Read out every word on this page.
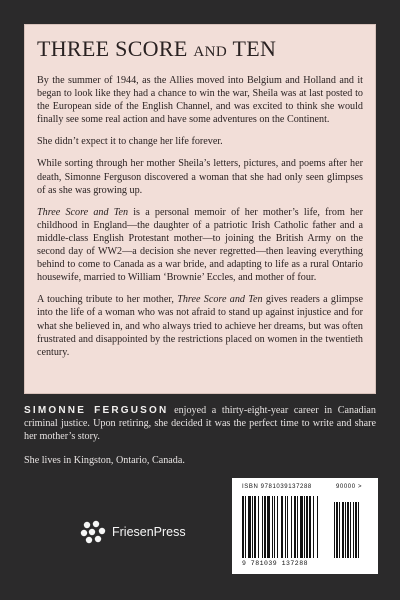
THREE SCORE AND TEN

By the summer of 1944, as the Allies moved into Belgium and Holland and it began to look like they had a chance to win the war, Sheila was at last posted to the European side of the English Channel, and was excited to think she would finally see some real action and have some adventures on the Continent.

She didn’t expect it to change her life forever.

While sorting through her mother Sheila’s letters, pictures, and poems after her death, Simonne Ferguson discovered a woman that she had only seen glimpses of as she was growing up.

Three Score and Ten is a personal memoir of her mother’s life, from her childhood in England—the daughter of a patriotic Irish Catholic father and a middle-class English Protestant mother—to joining the British Army on the second day of WW2—a decision she never regretted—then leaving everything behind to come to Canada as a war bride, and adapting to life as a rural Ontario housewife, married to William ‘Brownie’ Eccles, and mother of four.

A touching tribute to her mother, Three Score and Ten gives readers a glimpse into the life of a woman who was not afraid to stand up against injustice and for what she believed in, and who always tried to achieve her dreams, but was often frustrated and disappointed by the restrictions placed on women in the twentieth century.

SIMONNE FERGUSON enjoyed a thirty-eight-year career in Canadian criminal justice. Upon retiring, she decided it was the perfect time to write and share her mother’s story.

She lives in Kingston, Ontario, Canada.

FriesenPress
ISBN 9781039137288	90000 >
9 781039 137288
